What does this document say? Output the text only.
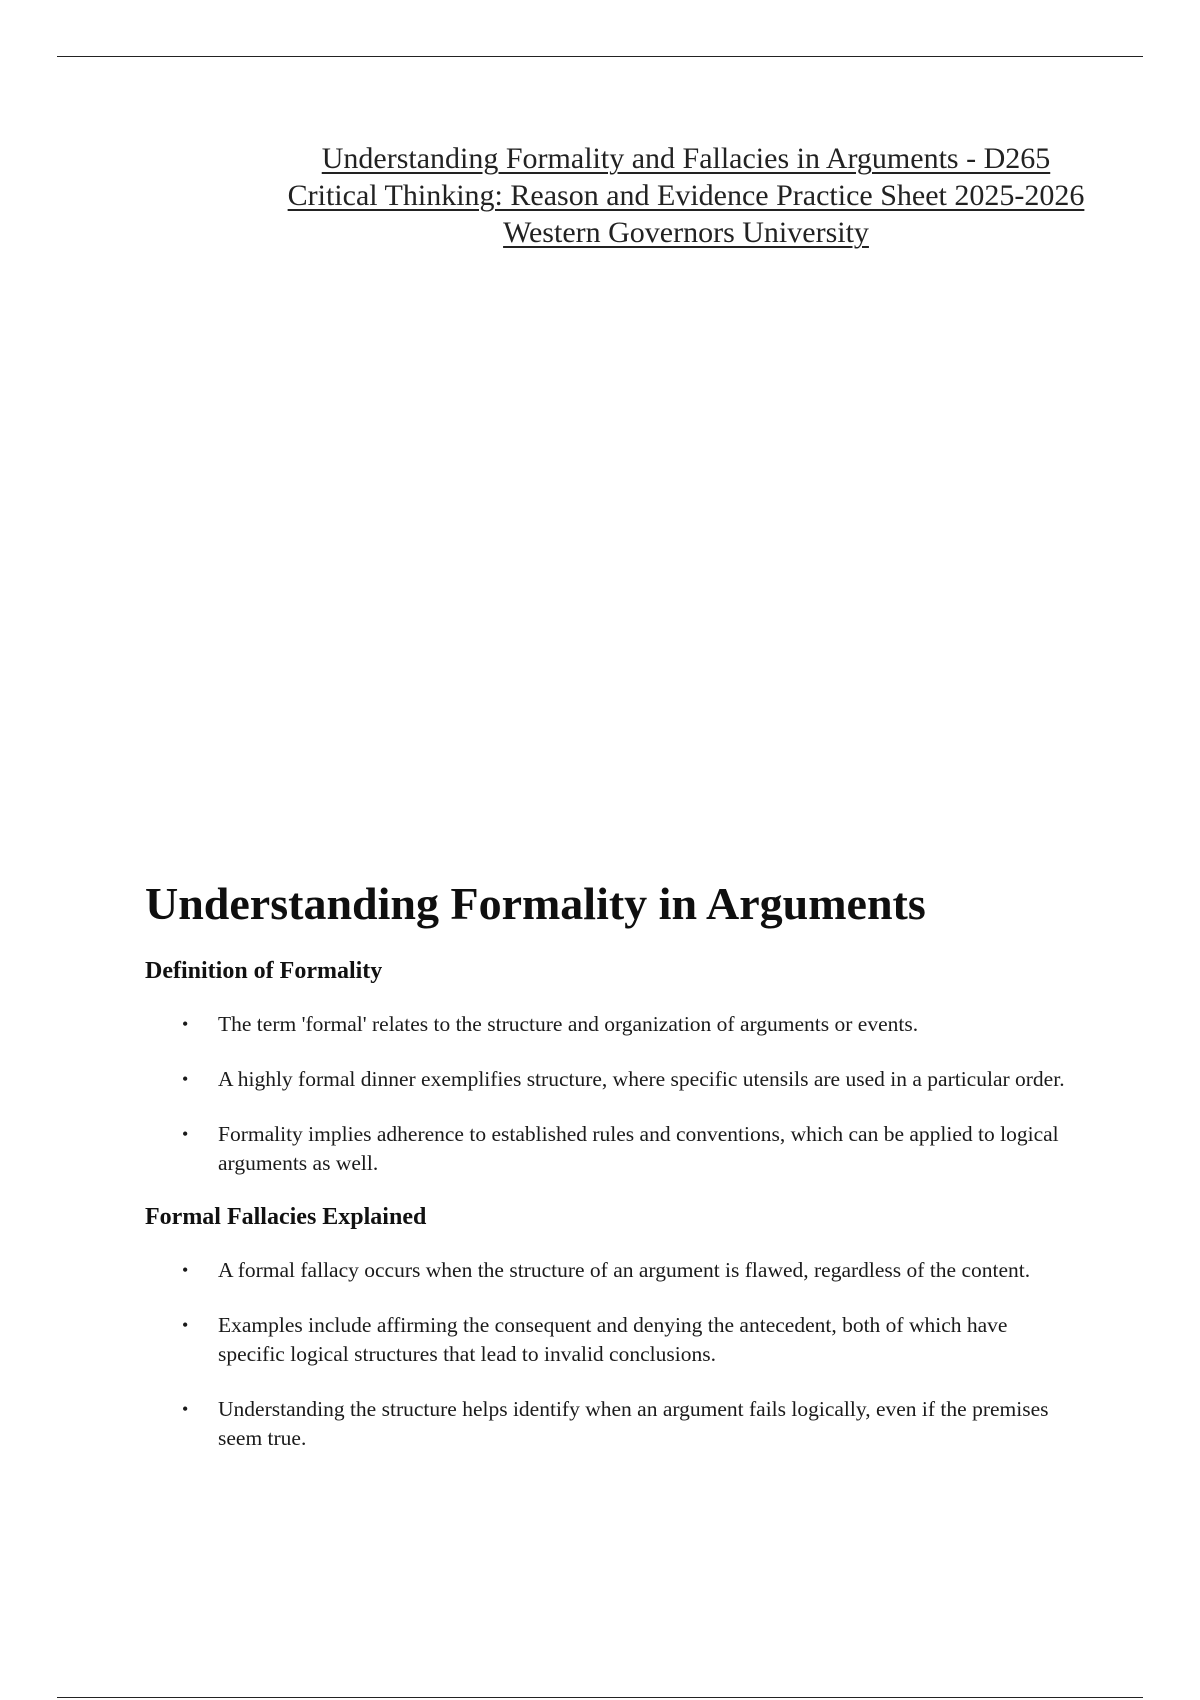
Understanding Formality and Fallacies in Arguments - D265 Critical Thinking: Reason and Evidence Practice Sheet 2025-2026 Western Governors University
Understanding Formality in Arguments
Definition of Formality
• The term 'formal' relates to the structure and organization of arguments or events.
• A highly formal dinner exemplifies structure, where specific utensils are used in a particular order.
• Formality implies adherence to established rules and conventions, which can be applied to logical arguments as well.
Formal Fallacies Explained
• A formal fallacy occurs when the structure of an argument is flawed, regardless of the content.
• Examples include affirming the consequent and denying the antecedent, both of which have specific logical structures that lead to invalid conclusions.
• Understanding the structure helps identify when an argument fails logically, even if the premises seem true.
